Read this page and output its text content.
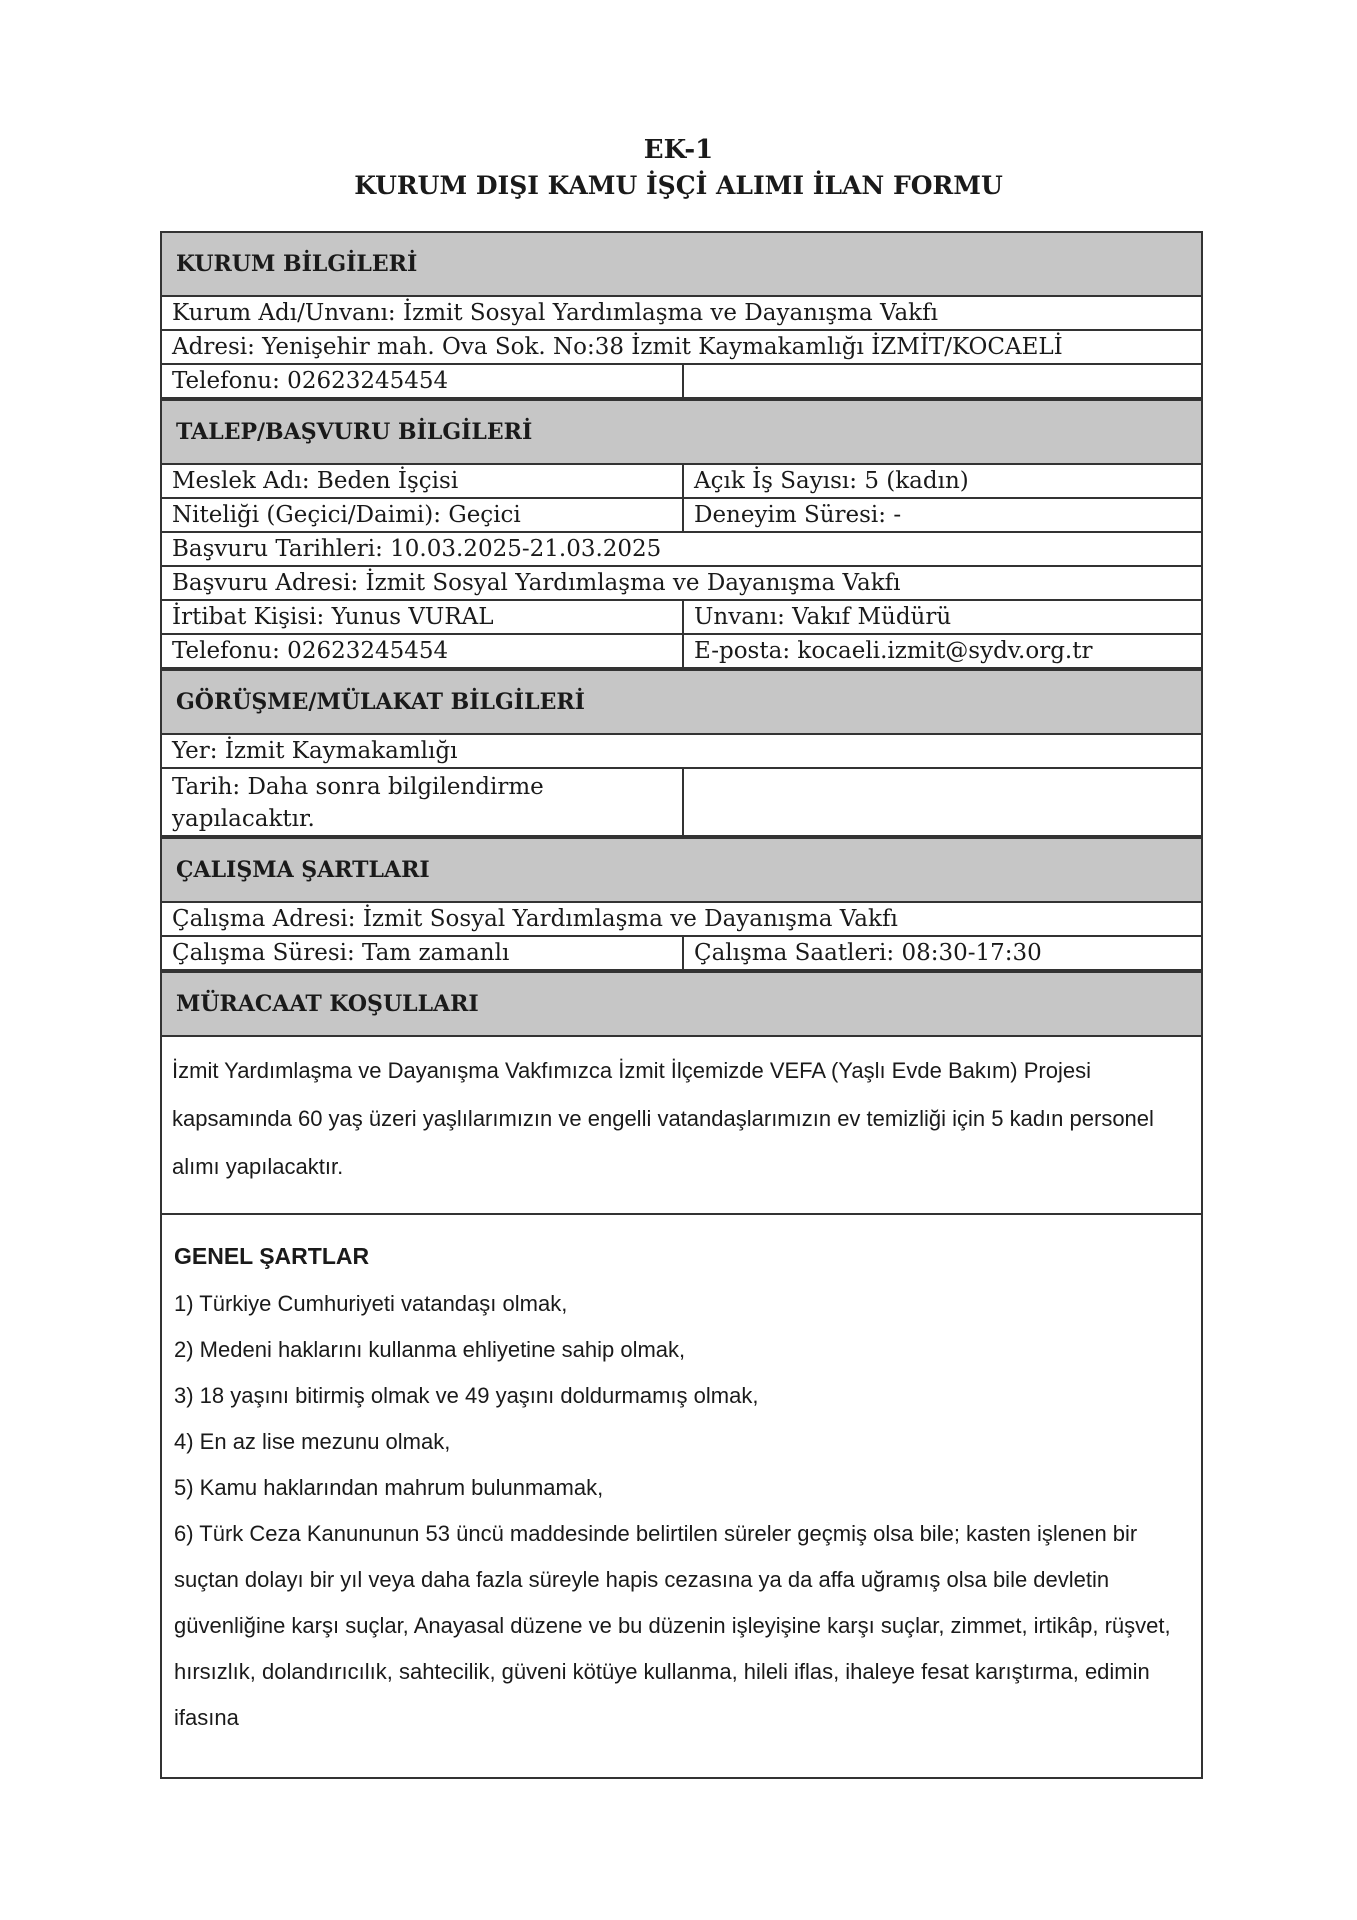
EK-1
KURUM DIŞI KAMU İŞÇİ ALIMI İLAN FORMU
KURUM BİLGİLERİ
Kurum Adı/Unvanı: İzmit Sosyal Yardımlaşma ve Dayanışma Vakfı
Adresi: Yenişehir mah. Ova Sok. No:38 İzmit Kaymakamlığı İZMİT/KOCAELİ
Telefonu: 02623245454
TALEP/BAŞVURU BİLGİLERİ
Meslek Adı: Beden İşçisi	Açık İş Sayısı: 5 (kadın)
Niteliği (Geçici/Daimi): Geçici	Deneyim Süresi: -
Başvuru Tarihleri: 10.03.2025-21.03.2025
Başvuru Adresi: İzmit Sosyal Yardımlaşma ve Dayanışma Vakfı
İrtibat Kişisi: Yunus VURAL	Unvanı: Vakıf Müdürü
Telefonu: 02623245454	E-posta: kocaeli.izmit@sydv.org.tr
GÖRÜŞME/MÜLAKAT BİLGİLERİ
Yer: İzmit Kaymakamlığı
Tarih: Daha sonra bilgilendirme yapılacaktır.
ÇALIŞMA ŞARTLARI
Çalışma Adresi: İzmit Sosyal Yardımlaşma ve Dayanışma Vakfı
Çalışma Süresi: Tam zamanlı	Çalışma Saatleri: 08:30-17:30
MÜRACAAT KOŞULLARI
İzmit Yardımlaşma ve Dayanışma Vakfımızca İzmit İlçemizde VEFA (Yaşlı Evde Bakım) Projesi kapsamında 60 yaş üzeri yaşlılarımızın ve engelli vatandaşlarımızın ev temizliği için 5 kadın personel alımı yapılacaktır.
GENEL ŞARTLAR

1) Türkiye Cumhuriyeti vatandaşı olmak,

2) Medeni haklarını kullanma ehliyetine sahip olmak,

3) 18 yaşını bitirmiş olmak ve 49 yaşını doldurmamış olmak,

4) En az lise mezunu olmak,

5) Kamu haklarından mahrum bulunmamak,

6) Türk Ceza Kanununun 53 üncü maddesinde belirtilen süreler geçmiş olsa bile; kasten işlenen bir suçtan dolayı bir yıl veya daha fazla süreyle hapis cezasına ya da affa uğramış olsa bile devletin güvenliğine karşı suçlar, Anayasal düzene ve bu düzenin işleyişine karşı suçlar, zimmet, irtikâp, rüşvet, hırsızlık, dolandırıcılık, sahtecilik, güveni kötüye kullanma, hileli iflas, ihaleye fesat karıştırma, edimin ifasına
